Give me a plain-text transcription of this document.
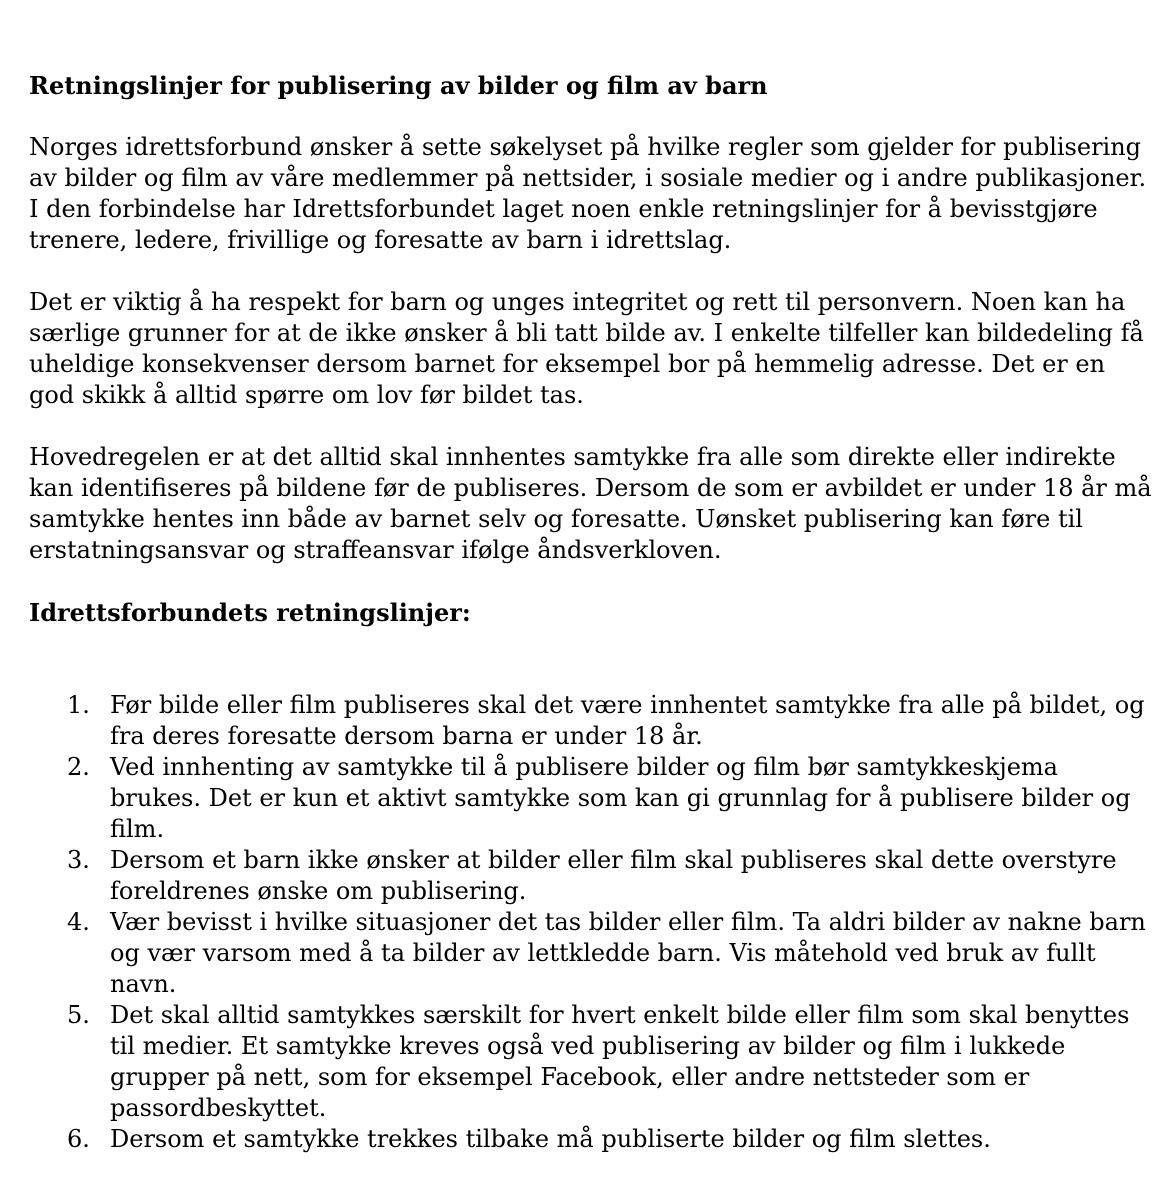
Retningslinjer for publisering av bilder og film av barn

Norges idrettsforbund ønsker å sette søkelyset på hvilke regler som gjelder for publisering av bilder og film av våre medlemmer på nettsider, i sosiale medier og i andre publikasjoner. I den forbindelse har Idrettsforbundet laget noen enkle retningslinjer for å bevisstgjøre trenere, ledere, frivillige og foresatte av barn i idrettslag.

Det er viktig å ha respekt for barn og unges integritet og rett til personvern. Noen kan ha særlige grunner for at de ikke ønsker å bli tatt bilde av. I enkelte tilfeller kan bildedeling få uheldige konsekvenser dersom barnet for eksempel bor på hemmelig adresse. Det er en god skikk å alltid spørre om lov før bildet tas.

Hovedregelen er at det alltid skal innhentes samtykke fra alle som direkte eller indirekte kan identifiseres på bildene før de publiseres. Dersom de som er avbildet er under 18 år må samtykke hentes inn både av barnet selv og foresatte. Uønsket publisering kan føre til erstatningsansvar og straffeansvar ifølge åndsverkloven.

Idrettsforbundets retningslinjer:
1. Før bilde eller film publiseres skal det være innhentet samtykke fra alle på bildet, og fra deres foresatte dersom barna er under 18 år.
2. Ved innhenting av samtykke til å publisere bilder og film bør samtykkeskjema brukes. Det er kun et aktivt samtykke som kan gi grunnlag for å publisere bilder og film.
3. Dersom et barn ikke ønsker at bilder eller film skal publiseres skal dette overstyre foreldrenes ønske om publisering.
4. Vær bevisst i hvilke situasjoner det tas bilder eller film. Ta aldri bilder av nakne barn og vær varsom med å ta bilder av lettkledde barn. Vis måtehold ved bruk av fullt navn.
5. Det skal alltid samtykkes særskilt for hvert enkelt bilde eller film som skal benyttes til medier. Et samtykke kreves også ved publisering av bilder og film i lukkede grupper på nett, som for eksempel Facebook, eller andre nettsteder som er passordbeskyttet.
6. Dersom et samtykke trekkes tilbake må publiserte bilder og film slettes.
